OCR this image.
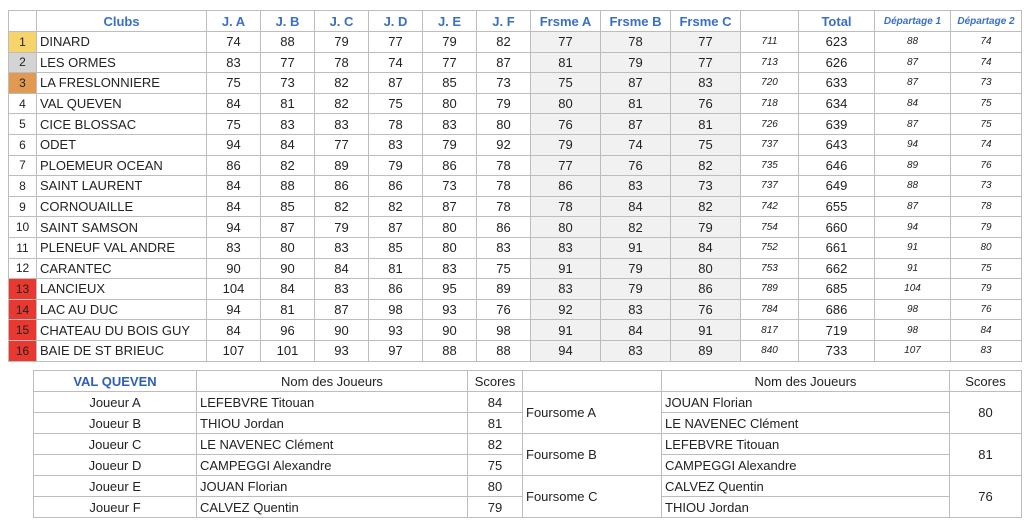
	Clubs	J. A	J. B	J. C	J. D	J. E	J. F	Frsme A	Frsme B	Frsme C		Total	Départage 1	Départage 2
1	DINARD	74	88	79	77	79	82	77	78	77	711	623	88	74
2	LES ORMES	83	77	78	74	77	87	81	79	77	713	626	87	74
3	LA FRESLONNIERE	75	73	82	87	85	73	75	87	83	720	633	87	73
4	VAL QUEVEN	84	81	82	75	80	79	80	81	76	718	634	84	75
5	CICE BLOSSAC	75	83	83	78	83	80	76	87	81	726	639	87	75
6	ODET	94	84	77	83	79	92	79	74	75	737	643	94	74
7	PLOEMEUR OCEAN	86	82	89	79	86	78	77	76	82	735	646	89	76
8	SAINT LAURENT	84	88	86	86	73	78	86	83	73	737	649	88	73
9	CORNOUAILLE	84	85	82	82	87	78	78	84	82	742	655	87	78
10	SAINT SAMSON	94	87	79	87	80	86	80	82	79	754	660	94	79
11	PLENEUF VAL ANDRE	83	80	83	85	80	83	83	91	84	752	661	91	80
12	CARANTEC	90	90	84	81	83	75	91	79	80	753	662	91	75
13	LANCIEUX	104	84	83	86	95	89	83	79	86	789	685	104	79
14	LAC AU DUC	94	81	87	98	93	76	92	83	76	784	686	98	76
15	CHATEAU DU BOIS GUY	84	96	90	93	90	98	91	84	91	817	719	98	84
16	BAIE DE ST BRIEUC	107	101	93	97	88	88	94	83	89	840	733	107	83
VAL QUEVEN	Nom des Joueurs	Scores		Nom des Joueurs	Scores
Joueur A	LEFEBVRE Titouan	84	Foursome A	JOUAN Florian	80
Joueur B	THIOU Jordan	81		LE NAVENEC Clément	
Joueur C	LE NAVENEC Clément	82	Foursome B	LEFEBVRE Titouan	81
Joueur D	CAMPEGGI Alexandre	75		CAMPEGGI Alexandre	
Joueur E	JOUAN Florian	80	Foursome C	CALVEZ Quentin	76
Joueur F	CALVEZ Quentin	79		THIOU Jordan	
